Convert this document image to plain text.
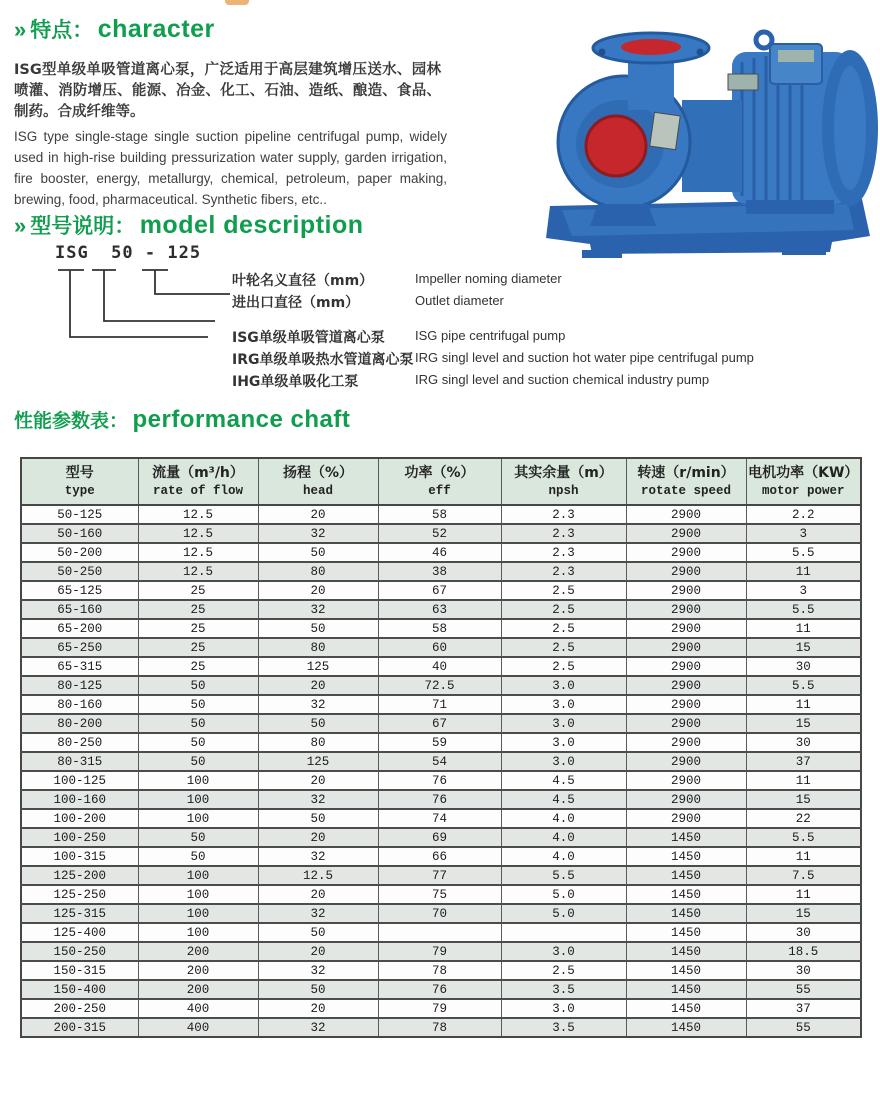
» 特点： character
ISG型单级单吸管道离心泵，广泛适用于高层建筑增压送水、园林喷灌、消防增压、能源、冶金、化工、石油、造纸、酿造、食品、制药。合成纤维等。
ISG type single-stage single suction pipeline centrifugal pump, widely used in high-rise building pressurization water supply, garden irrigation, fire booster, energy, metallurgy, chemical, petroleum, paper making, brewing, food, pharmaceutical. Synthetic fibers, etc..
» 型号说明： model description
ISG  50 - 125
叶轮名义直径（mm）
进出口直径（mm）
ISG单级单吸管道离心泵
IRG单级单吸热水管道离心泵
IHG单级单吸化工泵
Impeller noming diameter
Outlet diameter
ISG pipe centrifugal pump
IRG singl level and suction hot water pipe centrifugal pump
IRG singl level and suction chemical industry pump
性能参数表： performance chaft
型号
type

流量（m³/h）
rate of flow

扬程（%）
head

功率（%）
eff

其实余量（m）
npsh

转速（r/min）
rotate speed

电机功率（KW）
motor power

50-125	12.5	20	58	2.3	2900	2.2
50-160	12.5	32	52	2.3	2900	3
50-200	12.5	50	46	2.3	2900	5.5
50-250	12.5	80	38	2.3	2900	11
65-125	25	20	67	2.5	2900	3
65-160	25	32	63	2.5	2900	5.5
65-200	25	50	58	2.5	2900	11
65-250	25	80	60	2.5	2900	15
65-315	25	125	40	2.5	2900	30
80-125	50	20	72.5	3.0	2900	5.5
80-160	50	32	71	3.0	2900	11
80-200	50	50	67	3.0	2900	15
80-250	50	80	59	3.0	2900	30
80-315	50	125	54	3.0	2900	37
100-125	100	20	76	4.5	2900	11
100-160	100	32	76	4.5	2900	15
100-200	100	50	74	4.0	2900	22
100-250	50	20	69	4.0	1450	5.5
100-315	50	32	66	4.0	1450	11
125-200	100	12.5	77	5.5	1450	7.5
125-250	100	20	75	5.0	1450	11
125-315	100	32	70	5.0	1450	15
125-400	100	50			1450	30
150-250	200	20	79	3.0	1450	18.5
150-315	200	32	78	2.5	1450	30
150-400	200	50	76	3.5	1450	55
200-250	400	20	79	3.0	1450	37
200-315	400	32	78	3.5	1450	55
